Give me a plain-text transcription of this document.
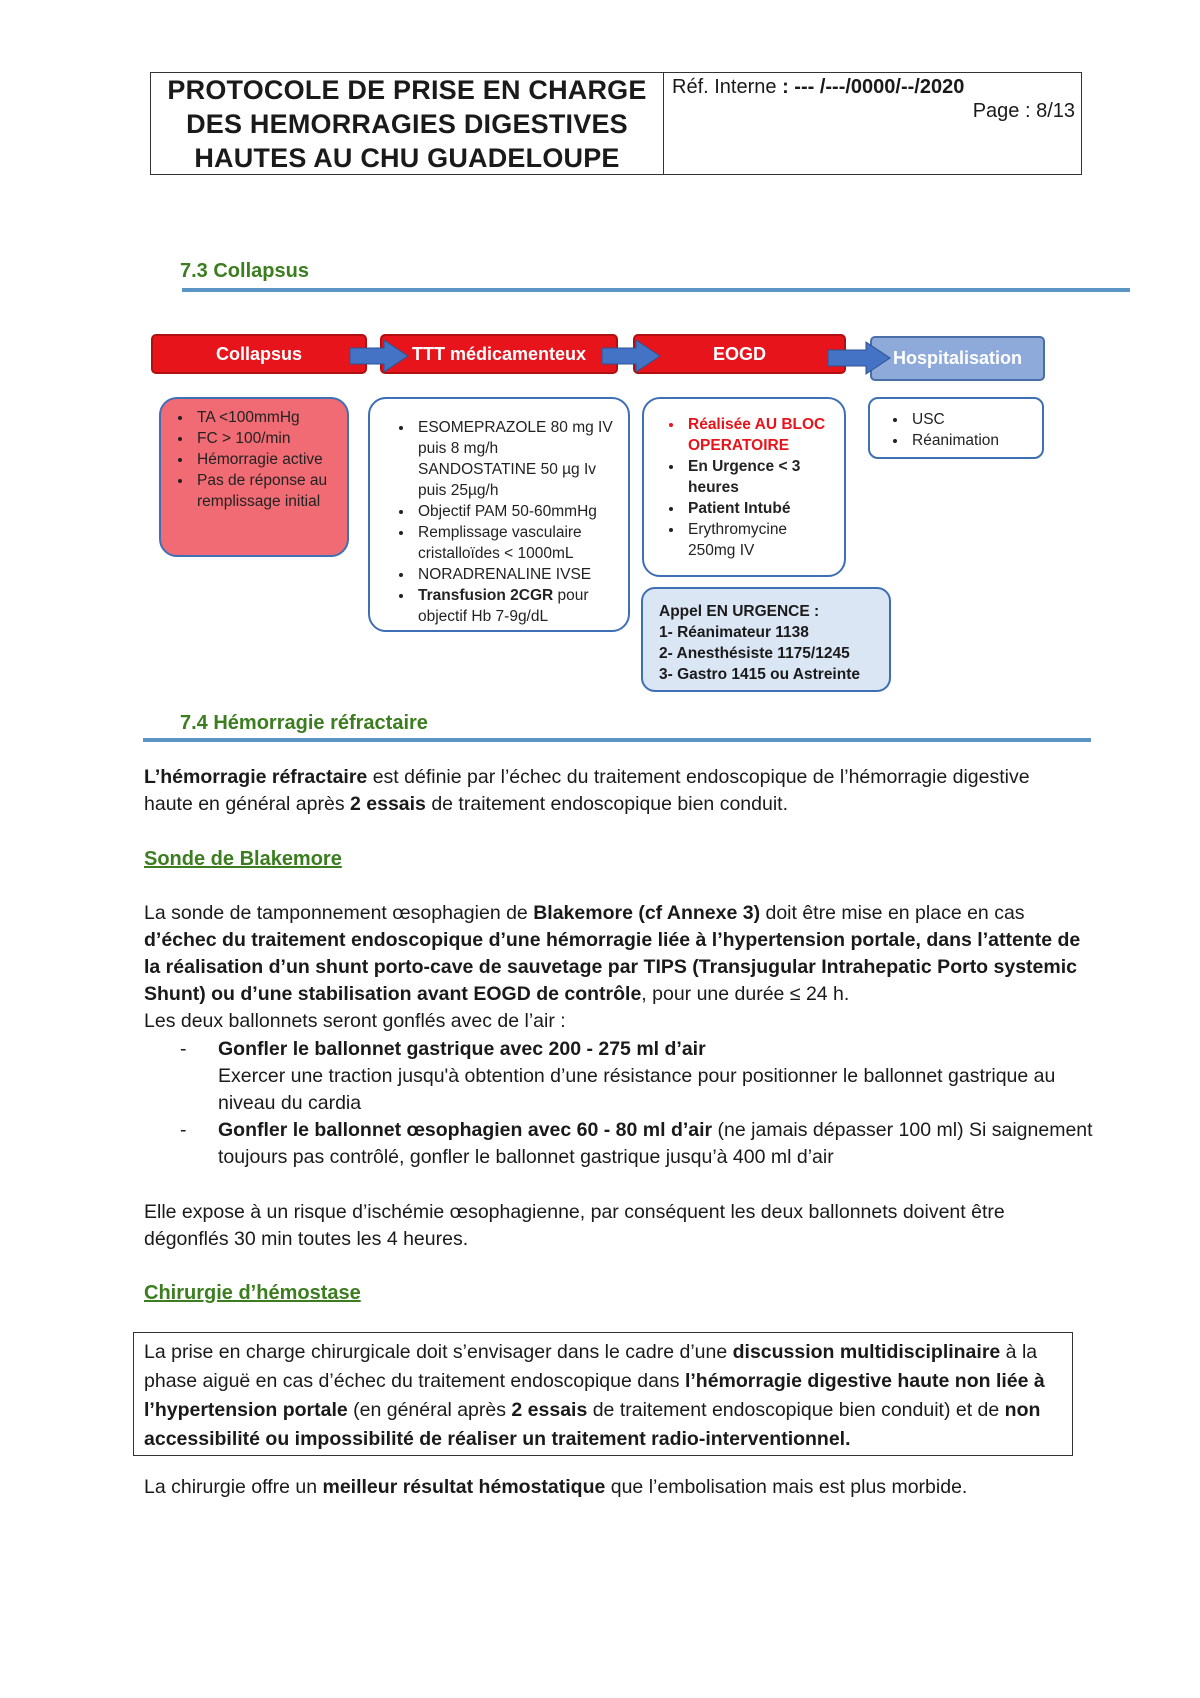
PROTOCOLE DE PRISE EN CHARGE
DES HEMORRAGIES DIGESTIVES
HAUTES AU CHU GUADELOUPE
Réf. Interne : --- /---/0000/--/2020
Page : 8/13
7.3 Collapsus
Collapsus	TTT médicamenteux	EOGD	Hospitalisation
• TA <100mmHg
• FC > 100/min
• Hémorragie active
• Pas de réponse au remplissage initial
• ESOMEPRAZOLE 80 mg IV puis 8 mg/h SANDOSTATINE 50 µg Iv puis 25µg/h
• Objectif PAM 50-60mmHg
• Remplissage vasculaire cristalloïdes < 1000mL
• NORADRENALINE IVSE
• Transfusion 2CGR pour objectif Hb 7-9g/dL
• Réalisée AU BLOC OPERATOIRE
• En Urgence < 3 heures
• Patient Intubé
• Erythromycine 250mg IV
• USC
• Réanimation
Appel EN URGENCE :
1- Réanimateur 1138
2- Anesthésiste 1175/1245
3- Gastro 1415 ou Astreinte
7.4 Hémorragie réfractaire
L’hémorragie réfractaire est définie par l’échec du traitement endoscopique de l’hémorragie digestive haute en général après 2 essais de traitement endoscopique bien conduit.
Sonde de Blakemore
La sonde de tamponnement œsophagien de Blakemore (cf Annexe 3) doit être mise en place en cas d’échec du traitement endoscopique d’une hémorragie liée à l’hypertension portale, dans l’attente de la réalisation d’un shunt porto-cave de sauvetage par TIPS (Transjugular Intrahepatic Porto systemic Shunt) ou d’une stabilisation avant EOGD de contrôle, pour une durée ≤ 24 h.
Les deux ballonnets seront gonflés avec de l’air :
- Gonfler le ballonnet gastrique avec 200 - 275 ml d’air
Exercer une traction jusqu'à obtention d’une résistance pour positionner le ballonnet gastrique au niveau du cardia
- Gonfler le ballonnet œsophagien avec 60 - 80 ml d’air (ne jamais dépasser 100 ml) Si saignement toujours pas contrôlé, gonfler le ballonnet gastrique jusqu’à 400 ml d’air
Elle expose à un risque d’ischémie œsophagienne, par conséquent les deux ballonnets doivent être dégonflés 30 min toutes les 4 heures.
Chirurgie d’hémostase
La prise en charge chirurgicale doit s’envisager dans le cadre d’une discussion multidisciplinaire à la phase aiguë en cas d’échec du traitement endoscopique dans l’hémorragie digestive haute non liée à l’hypertension portale (en général après 2 essais de traitement endoscopique bien conduit) et de non accessibilité ou impossibilité de réaliser un traitement radio-interventionnel.
La chirurgie offre un meilleur résultat hémostatique que l’embolisation mais est plus morbide.
